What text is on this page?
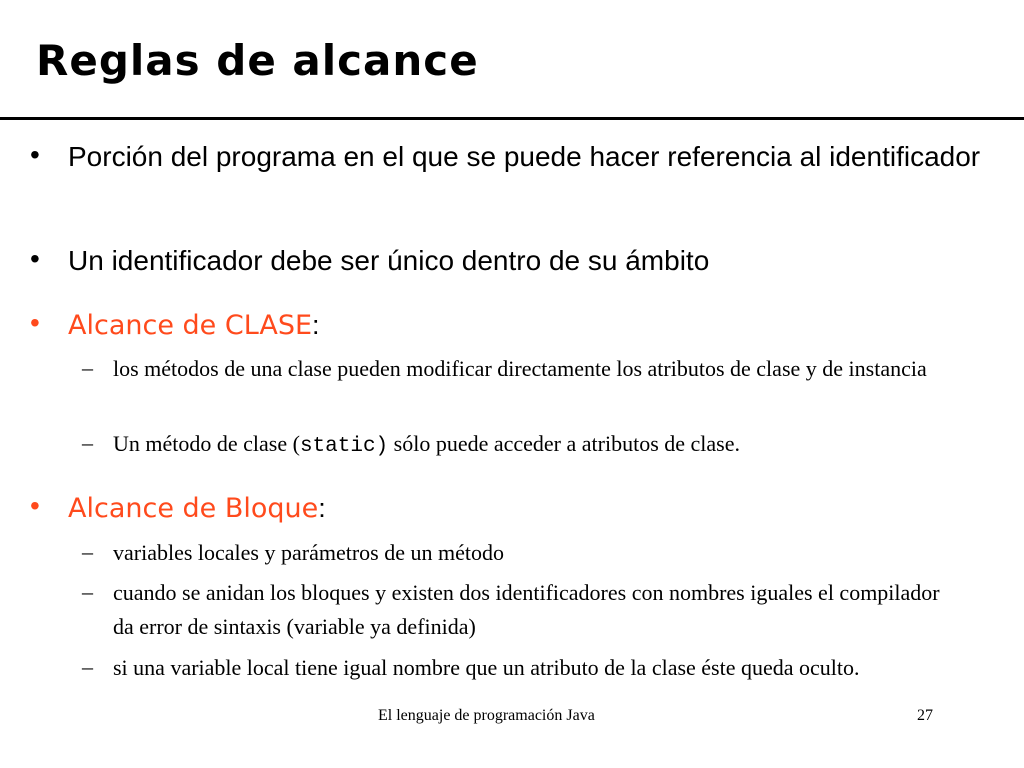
Reglas de alcance
• Porción del programa en el que se puede hacer referencia al identificador
• Un identificador debe ser único dentro de su ámbito
• Alcance de CLASE:
– los métodos de una clase pueden modificar directamente los atributos de clase y de instancia
– Un método de clase (static) sólo puede acceder a atributos de clase.
• Alcance de Bloque:
– variables locales y parámetros de un método
– cuando se anidan los bloques y existen dos identificadores con nombres iguales el compilador da error de sintaxis (variable ya definida)
– si una variable local tiene igual nombre que un atributo de la clase éste queda oculto.
El lenguaje de programación Java	27
